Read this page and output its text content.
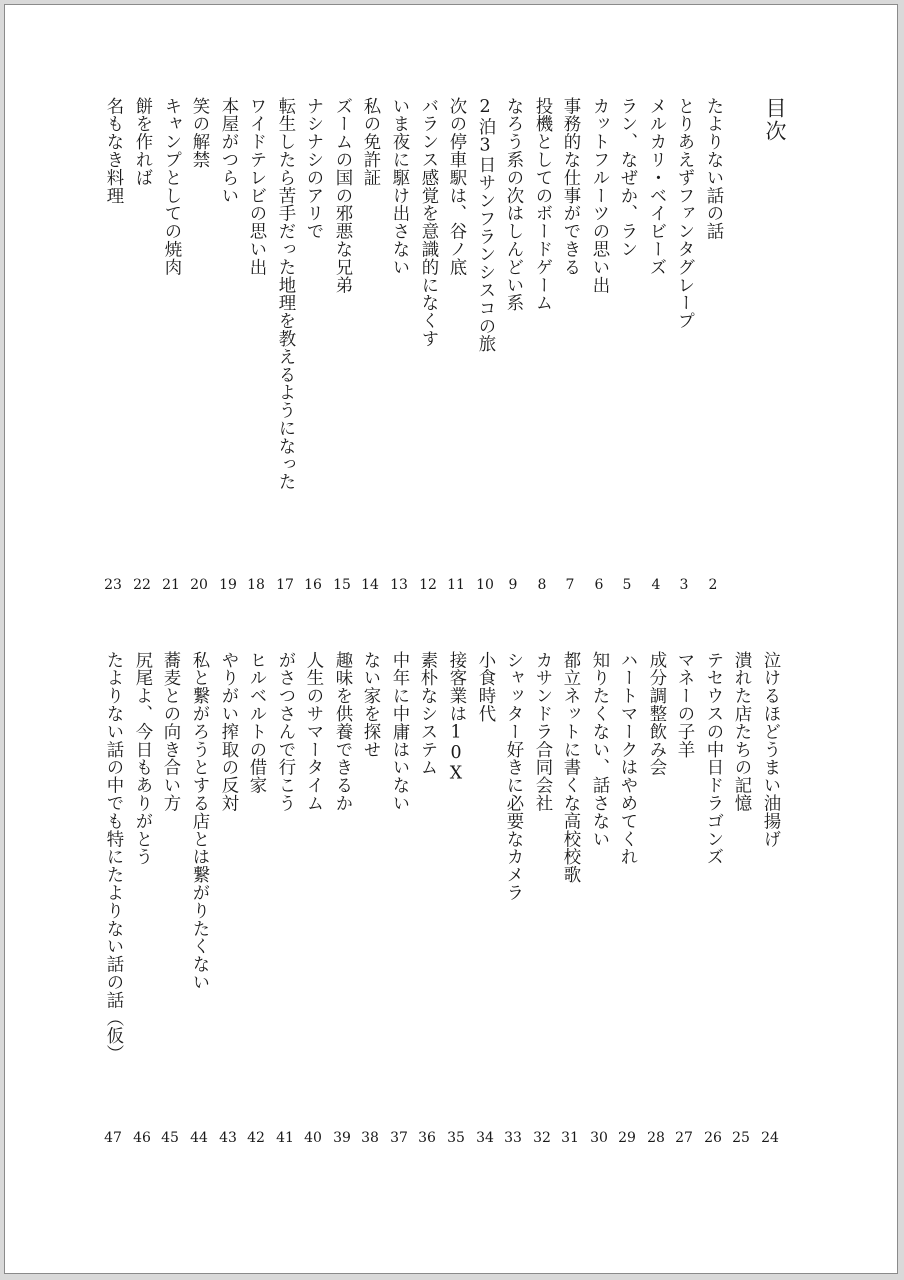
目次
たよりない話の話
2
とりあえずファンタグレープ
3
メルカリ・ベイビーズ
4
ラン、なぜか、ラン
5
カットフルーツの思い出
6
事務的な仕事ができる
7
投機としてのボードゲーム
8
なろう系の次はしんどい系
9
2泊3日サンフランシスコの旅
10
次の停車駅は、谷ノ底
11
バランス感覚を意識的になくす
12
いま夜に駆け出さない
13
私の免許証
14
ズームの国の邪悪な兄弟
15
ナシナシのアリで
16
転生したら苦手だった地理を教えるようになった
17
ワイドテレビの思い出
18
本屋がつらい
19
笑の解禁
20
キャンプとしての焼肉
21
餅を作れば
22
名もなき料理
23
泣けるほどうまい油揚げ
24
潰れた店たちの記憶
25
テセウスの中日ドラゴンズ
26
マネーの子羊
27
成分調整飲み会
28
ハートマークはやめてくれ
29
知りたくない、話さない
30
都立ネットに書くな高校校歌
31
カサンドラ合同会社
32
シャッター好きに必要なカメラ
33
小食時代
34
接客業は10X
35
素朴なシステム
36
中年に中庸はいない
37
ない家を探せ
38
趣味を供養できるか
39
人生のサマータイム
40
がさつさんで行こう
41
ヒルベルトの借家
42
やりがい搾取の反対
43
私と繋がろうとする店とは繋がりたくない
44
蕎麦との向き合い方
45
尻尾よ、今日もありがとう
46
たよりない話の中でも特にたよりない話の話（仮）
47
